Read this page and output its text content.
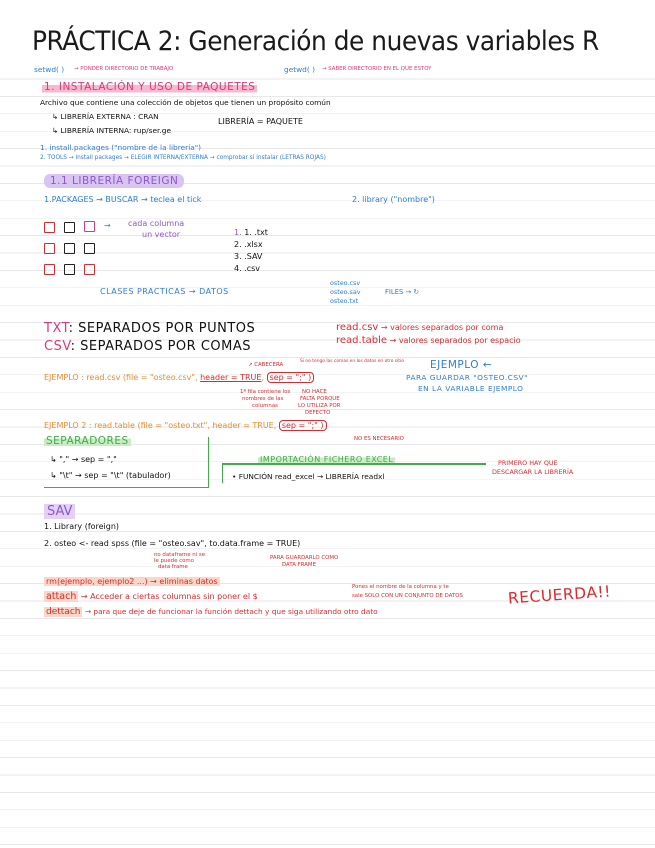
PRÁCTICA 2: Generación de nuevas variables R
setwd( ) → PONDER DIRECTORIO DE TRABAJO	getwd( ) → SABER DIRECTORIO EN EL QUE ESTOY
1. INSTALACIÓN Y USO DE PAQUETES
Archivo que contiene una colección de objetos que tienen un propósito común
↳ LIBRERÍA EXTERNA : CRAN
↳ LIBRERÍA INTERNA: rup/ser.ge
LIBRERÍA = PAQUETE
1. install.packages ("nombre de la librería")
2. TOOLS → install packages → ELEGIR INTERNA/EXTERNA → comprobar si instalar (LETRAS ROJAS)
1.1 LIBRERÍA FOREIGN
1.PACKAGES → BUSCAR → teclea el tick	2. library ("nombre")
→ cada columna
un vector	1. 1. .txt
2. .xlsx
3. .SAV
4. .csv
CLASES PRACTICAS → DATOS
osteo.csv
osteo.sav
osteo.txt
FILES → ↻
TXT: SEPARADOS POR PUNTOS
CSV: SEPARADOS POR COMAS
read.csv → valores separados por coma
read.table → valores separados por espacio
EJEMPLO : read.csv (file = "osteo.csv", header = TRUE, sep = ";" )
↗ CABECERA
Si no tengo las comas en los datos en otro sitio
1ª fila contiene los
nombres de las
columnas
NO HACE
FALTA PORQUE
LO UTILIZA POR
DEFECTO
EJEMPLO ←
PARA GUARDAR "OSTEO.CSV"
EN LA VARIABLE EJEMPLO
EJEMPLO 2 : read.table (file = "osteo.txt", header = TRUE, sep = ";" )
NO ES NECESARIO
SEPARADORES
↳ "," → sep = ","
↳ "\t" → sep = "\t" (tabulador)
IMPORTACIÓN FICHERO EXCEL
• FUNCIÓN read_excel → LIBRERÍA readxl
PRIMERO HAY QUE
DESCARGAR LA LIBRERÍA
SAV
1. Library (foreign)
2. osteo <- read spss (file = "osteo.sav", to.data.frame = TRUE)
no dataframe ni se
le puede como
data frame
PARA GUARDARLO COMO
DATA FRAME
rm(ejemplo, ejemplo2 ...) → eliminas datos
attach → Acceder a ciertas columnas sin poner el $
Pones el nombre de la columna y te
sale SOLO CON UN CONJUNTO DE DATOS
dettach → para que deje de funcionar la función dettach y que siga utilizando otro dato
RECUERDA!!
